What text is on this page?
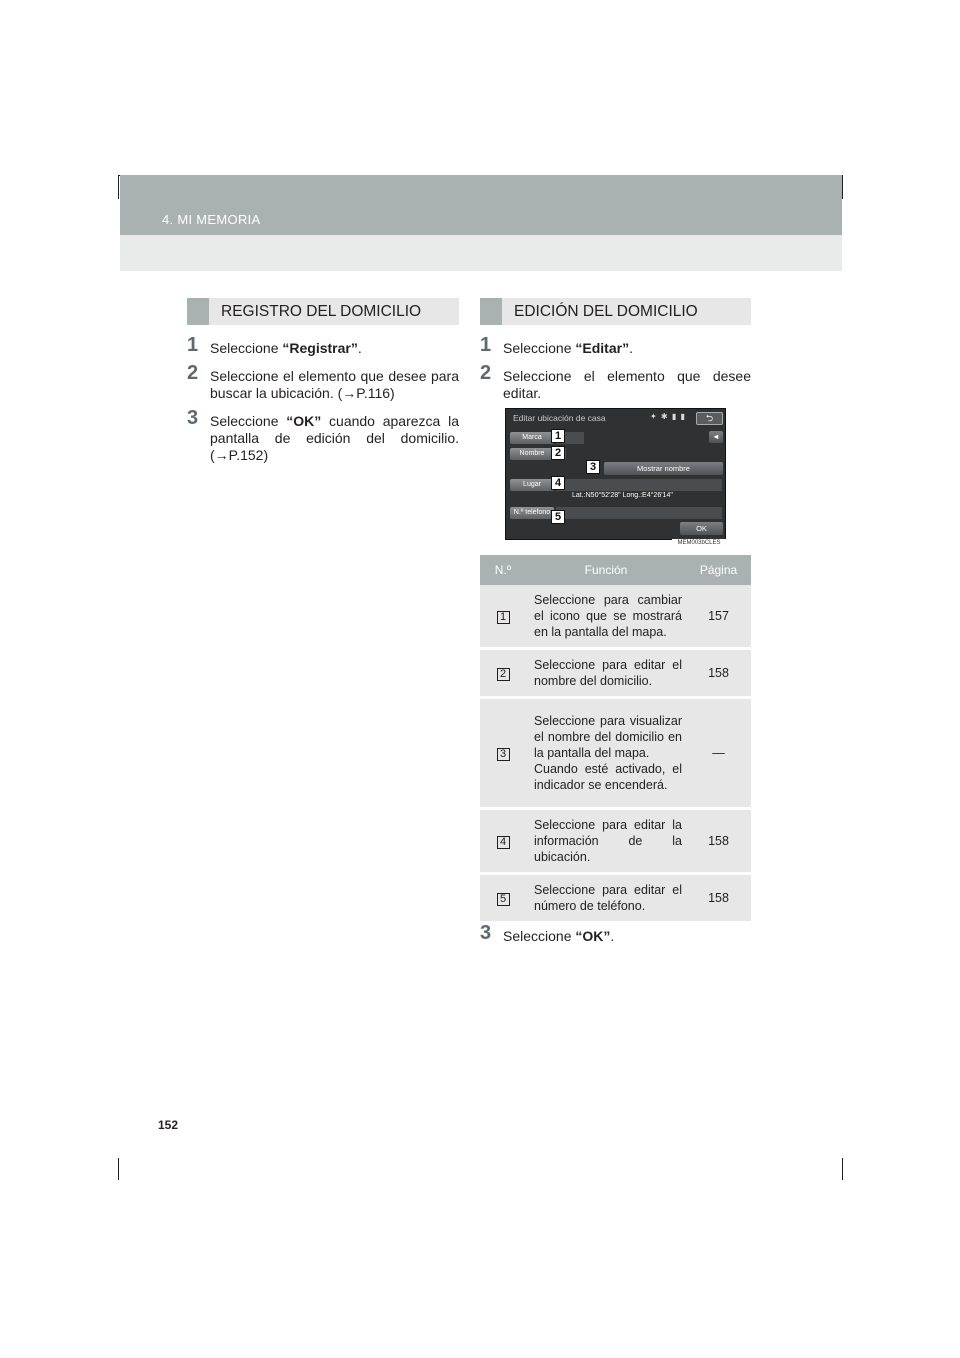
4. MI MEMORIA
REGISTRO DEL DOMICILIO
1 Seleccione “Registrar”.
2 Seleccione el elemento que desee para buscar la ubicación. (→P.116)
3 Seleccione “OK” cuando aparezca la pantalla de edición del domicilio. (→P.152)
EDICIÓN DEL DOMICILIO
1 Seleccione “Editar”.
2 Seleccione el elemento que desee editar.
Editar ubicación de casa	✦ ✱ ▮ ▮	⮌
Marca	◄
Nombre
Mostrar nombre
Lugar
Lat.:N50°52'28" Long.:E4°26'14"
N.º teléfono
OK
1
2
3
4
5
MEM003bCLES
N.º	Función	Página
1	Seleccione para cambiar el icono que se mostrará en la pantalla del mapa.	157
2	Seleccione para editar el nombre del domicilio.	158
3	Seleccione para visualizar el nombre del domicilio en la pantalla del mapa.
Cuando esté activado, el indicador se encenderá.	—
4	Seleccione para editar la información de la ubicación.	158
5	Seleccione para editar el número de teléfono.	158
3 Seleccione “OK”.
152
